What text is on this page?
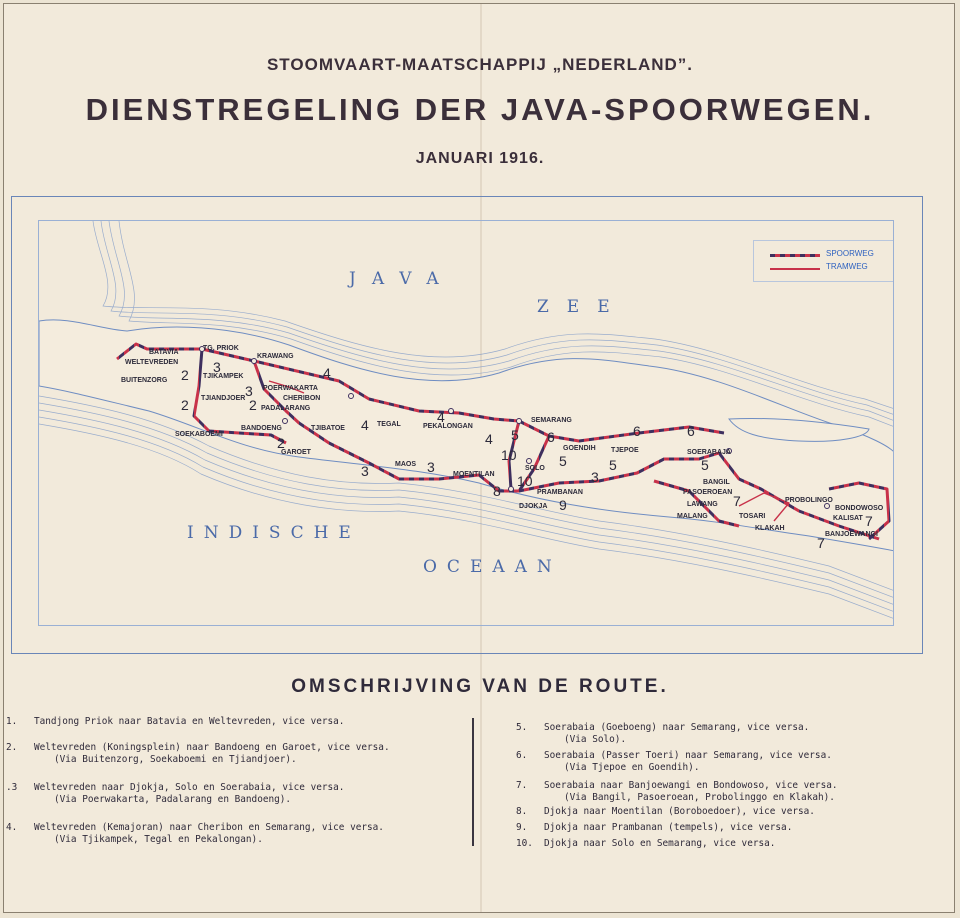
STOOMVAART-MAATSCHAPPIJ „NEDERLAND”.
DIENSTREGELING DER JAVA-SPOORWEGEN.
JANUARI 1916.
SPOORWEG
TRAMWEG
JAVA
ZEE
INDISCHE
OCEAAN
BATAVIA
TG. PRIOK
WELTEVREDEN
KRAWANG
TJIKAMPEK
BUITENZORG
POERWAKARTA
CHERIBON
TJIANDJOER
PADALARANG
SOEKABOEMI
BANDOENG	TJIBATOE
GAROET
TEGAL	PEKALONGAN
SEMARANG
GOENDIH TJEPOE	SOERABAJA
MAOS
MOENTILAN
SOLO
PRAMBANAN
DJOKJA
BANGIL
PASOEROEAN
LAWANG
MALANG	TOSARI
PROBOLINGO
KLAKAH
BONDOWOSO
KALISAT
BANJOEWANGI
2 3	4
2
3
2
2
4	4
4 5 6	6	6
10	5
10
8
9
3	3	5
3
5
7
7
7
OMSCHRIJVING VAN DE ROUTE.
1.	Tandjong Priok naar Batavia en Weltevreden, vice versa.
2.	Weltevreden (Koningsplein) naar Bandoeng en Garoet, vice versa.
(Via Buitenzorg, Soekaboemi en Tjiandjoer).
.3	Weltevreden naar Djokja, Solo en Soerabaia, vice versa.
(Via Poerwakarta, Padalarang en Bandoeng).
4.	Weltevreden (Kemajoran) naar Cheribon en Semarang, vice versa.
(Via Tjikampek, Tegal en Pekalongan).
5.	Soerabaia (Goeboeng) naar Semarang, vice versa.
(Via Solo).
6.	Soerabaia (Passer Toeri) naar Semarang, vice versa.
(Via Tjepoe en Goendih).
7.	Soerabaia naar Banjoewangi en Bondowoso, vice versa.
(Via Bangil, Pasoeroean, Probolinggo en Klakah).
8.	Djokja naar Moentilan (Boroboedoer), vice versa.
9.	Djokja naar Prambanan (tempels), vice versa.
10.	Djokja naar Solo en Semarang, vice versa.
